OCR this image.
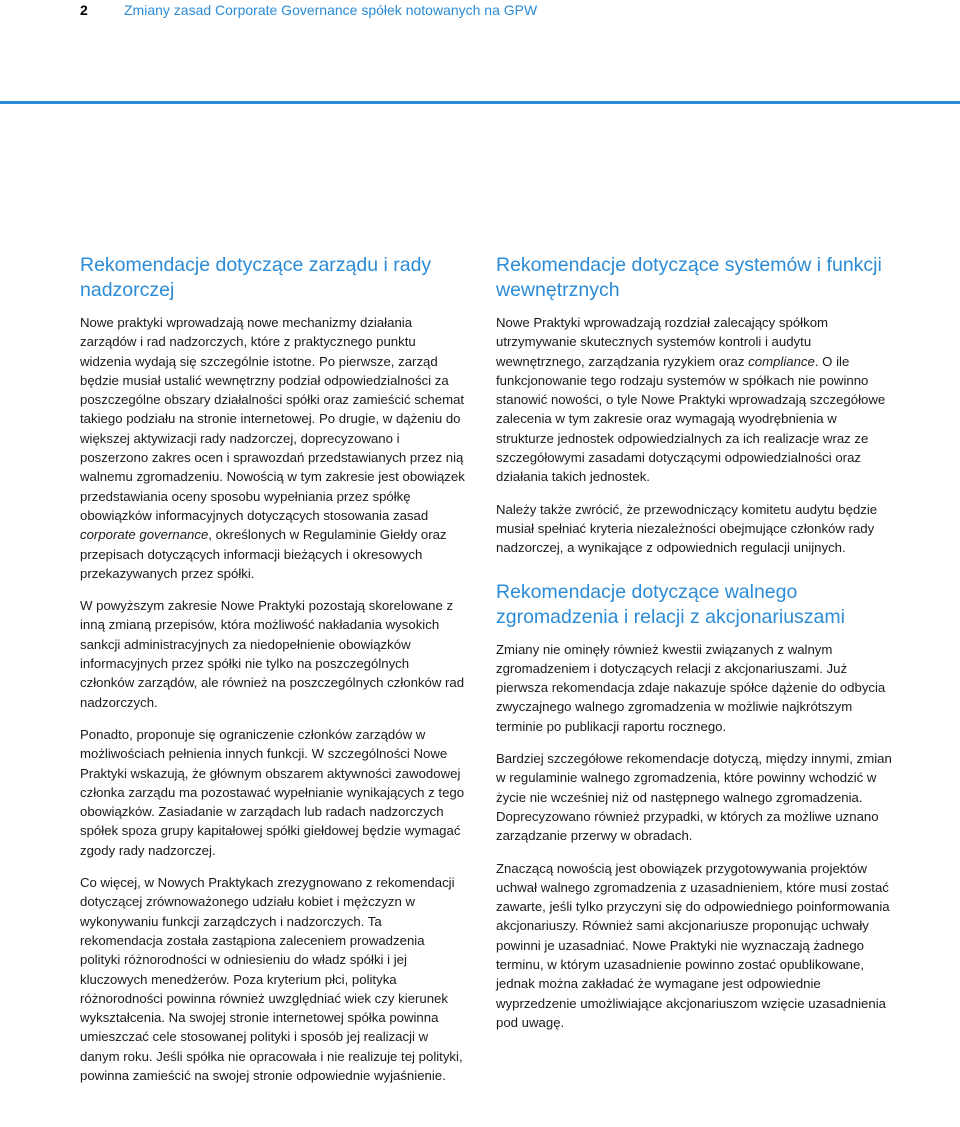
2	Zmiany zasad Corporate Governance spółek notowanych na GPW
Rekomendacje dotyczące zarządu i rady nadzorczej

Nowe praktyki wprowadzają nowe mechanizmy działania zarządów i rad nadzorczych, które z praktycznego punktu widzenia wydają się szczególnie istotne. Po pierwsze, zarząd będzie musiał ustalić wewnętrzny podział odpowiedzialności za poszczególne obszary działalności spółki oraz zamieścić schemat takiego podziału na stronie internetowej. Po drugie, w dążeniu do większej aktywizacji rady nadzorczej, doprecyzowano i poszerzono zakres ocen i sprawozdań przedstawianych przez nią walnemu zgromadzeniu. Nowością w tym zakresie jest obowiązek przedstawiania oceny sposobu wypełniania przez spółkę obowiązków informacyjnych dotyczących stosowania zasad corporate governance, określonych w Regulaminie Giełdy oraz przepisach dotyczących informacji bieżących i okresowych przekazywanych przez spółki.

W powyższym zakresie Nowe Praktyki pozostają skorelowane z inną zmianą przepisów, która możliwość nakładania wysokich sankcji administracyjnych za niedopełnienie obowiązków informacyjnych przez spółki nie tylko na poszczególnych członków zarządów, ale również na poszczególnych członków rad nadzorczych.

Ponadto, proponuje się ograniczenie członków zarządów w możliwościach pełnienia innych funkcji. W szczególności Nowe Praktyki wskazują, że głównym obszarem aktywności zawodowej członka zarządu ma pozostawać wypełnianie wynikających z tego obowiązków. Zasiadanie w zarządach lub radach nadzorczych spółek spoza grupy kapitałowej spółki giełdowej będzie wymagać zgody rady nadzorczej.

Co więcej, w Nowych Praktykach zrezygnowano z rekomendacji dotyczącej zrównoważonego udziału kobiet i mężczyzn w wykonywaniu funkcji zarządczych i nadzorczych. Ta rekomendacja została zastąpiona zaleceniem prowadzenia polityki różnorodności w odniesieniu do władz spółki i jej kluczowych menedżerów. Poza kryterium płci, polityka różnorodności powinna również uwzględniać wiek czy kierunek wykształcenia. Na swojej stronie internetowej spółka powinna umieszczać cele stosowanej polityki i sposób jej realizacji w danym roku. Jeśli spółka nie opracowała i nie realizuje tej polityki, powinna zamieścić na swojej stronie odpowiednie wyjaśnienie.

Rekomendacje dotyczące systemów i funkcji wewnętrznych

Nowe Praktyki wprowadzają rozdział zalecający spółkom utrzymywanie skutecznych systemów kontroli i audytu wewnętrznego, zarządzania ryzykiem oraz compliance. O ile funkcjonowanie tego rodzaju systemów w spółkach nie powinno stanowić nowości, o tyle Nowe Praktyki wprowadzają szczegółowe zalecenia w tym zakresie oraz wymagają wyodrębnienia w strukturze jednostek odpowiedzialnych za ich realizacje wraz ze szczegółowymi zasadami dotyczącymi odpowiedzialności oraz działania takich jednostek.

Należy także zwrócić, że przewodniczący komitetu audytu będzie musiał spełniać kryteria niezależności obejmujące członków rady nadzorczej, a wynikające z odpowiednich regulacji unijnych.

Rekomendacje dotyczące walnego zgromadzenia i relacji z akcjonariuszami

Zmiany nie ominęły również kwestii związanych z walnym zgromadzeniem i dotyczących relacji z akcjonariuszami. Już pierwsza rekomendacja zdaje nakazuje spółce dążenie do odbycia zwyczajnego walnego zgromadzenia w możliwie najkrótszym terminie po publikacji raportu rocznego.

Bardziej szczegółowe rekomendacje dotyczą, między innymi, zmian w regulaminie walnego zgromadzenia, które powinny wchodzić w życie nie wcześniej niż od następnego walnego zgromadzenia. Doprecyzowano również przypadki, w których za możliwe uznano zarządzanie przerwy w obradach.

Znaczącą nowością jest obowiązek przygotowywania projektów uchwał walnego zgromadzenia z uzasadnieniem, które musi zostać zawarte, jeśli tylko przyczyni się do odpowiedniego poinformowania akcjonariuszy. Również sami akcjonariusze proponując uchwały powinni je uzasadniać. Nowe Praktyki nie wyznaczają żadnego terminu, w którym uzasadnienie powinno zostać opublikowane, jednak można zakładać że wymagane jest odpowiednie wyprzedzenie umożliwiające akcjonariuszom wzięcie uzasadnienia pod uwagę.
